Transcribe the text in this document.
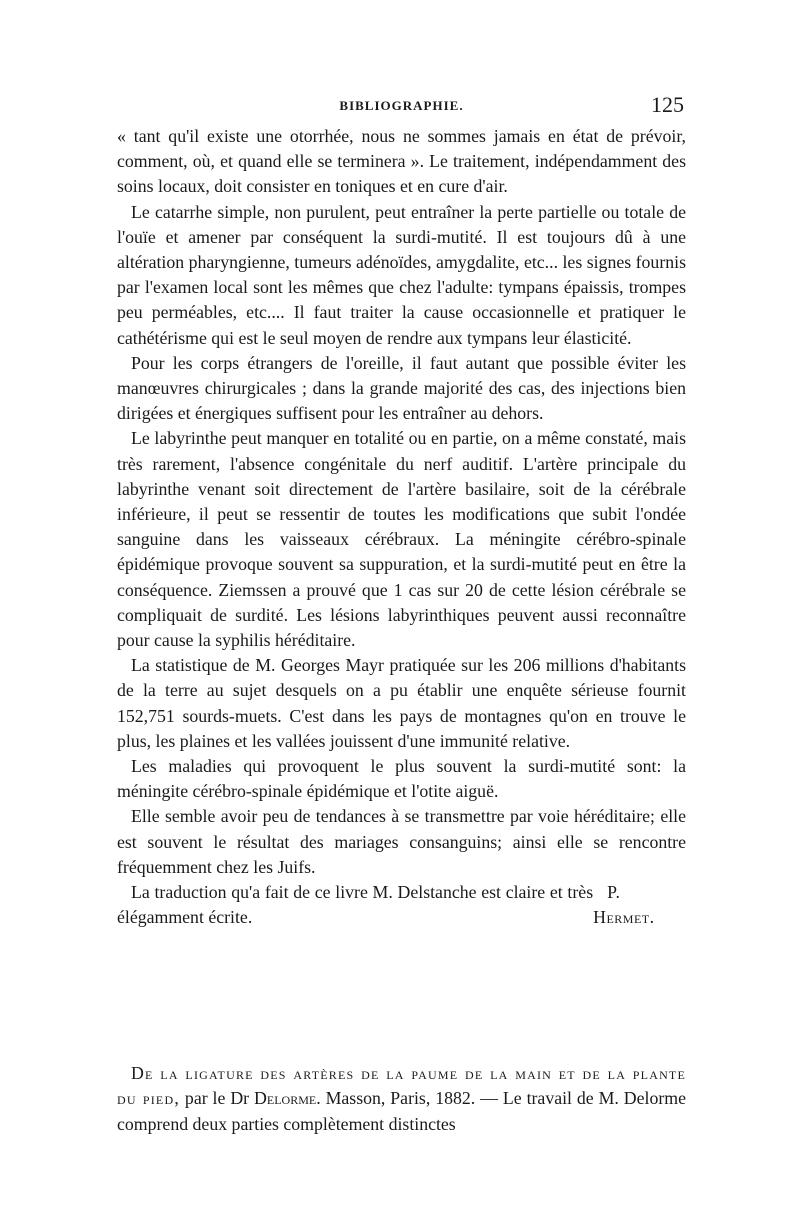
BIBLIOGRAPHIE.	125

« tant qu'il existe une otorrhée, nous ne sommes jamais en état de prévoir, comment, où, et quand elle se terminera ». Le traitement, indépendamment des soins locaux, doit consister en toniques et en cure d'air.

Le catarrhe simple, non purulent, peut entraîner la perte partielle ou totale de l'ouïe et amener par conséquent la surdi-mutité. Il est toujours dû à une altération pharyngienne, tumeurs adénoïdes, amygdalite, etc... les signes fournis par l'examen local sont les mêmes que chez l'adulte: tympans épaissis, trompes peu perméables, etc.... Il faut traiter la cause occasionnelle et pratiquer le cathétérisme qui est le seul moyen de rendre aux tympans leur élasticité.

Pour les corps étrangers de l'oreille, il faut autant que possible éviter les manœuvres chirurgicales ; dans la grande majorité des cas, des injections bien dirigées et énergiques suffisent pour les entraîner au dehors.

Le labyrinthe peut manquer en totalité ou en partie, on a même constaté, mais très rarement, l'absence congénitale du nerf auditif. L'artère principale du labyrinthe venant soit directement de l'artère basilaire, soit de la cérébrale inférieure, il peut se ressentir de toutes les modifications que subit l'ondée sanguine dans les vaisseaux cérébraux. La méningite cérébro-spinale épidémique provoque souvent sa suppuration, et la surdi-mutité peut en être la conséquence. Ziemssen a prouvé que 1 cas sur 20 de cette lésion cérébrale se compliquait de surdité. Les lésions labyrinthiques peuvent aussi reconnaître pour cause la syphilis héréditaire.

La statistique de M. Georges Mayr pratiquée sur les 206 millions d'habitants de la terre au sujet desquels on a pu établir une enquête sérieuse fournit 152,751 sourds-muets. C'est dans les pays de montagnes qu'on en trouve le plus, les plaines et les vallées jouissent d'une immunité relative.

Les maladies qui provoquent le plus souvent la surdi-mutité sont: la méningite cérébro-spinale épidémique et l'otite aiguë.

Elle semble avoir peu de tendances à se transmettre par voie héréditaire; elle est souvent le résultat des mariages consanguins; ainsi elle se rencontre fréquemment chez les Juifs.

La traduction qu'a fait de ce livre M. Delstanche est claire et très élégamment écrite.
P. Hermet.

De la ligature des artères de la paume de la main et de la plante du pied, par le Dr Delorme. Masson, Paris, 1882. — Le travail de M. Delorme comprend deux parties complètement distinctes
